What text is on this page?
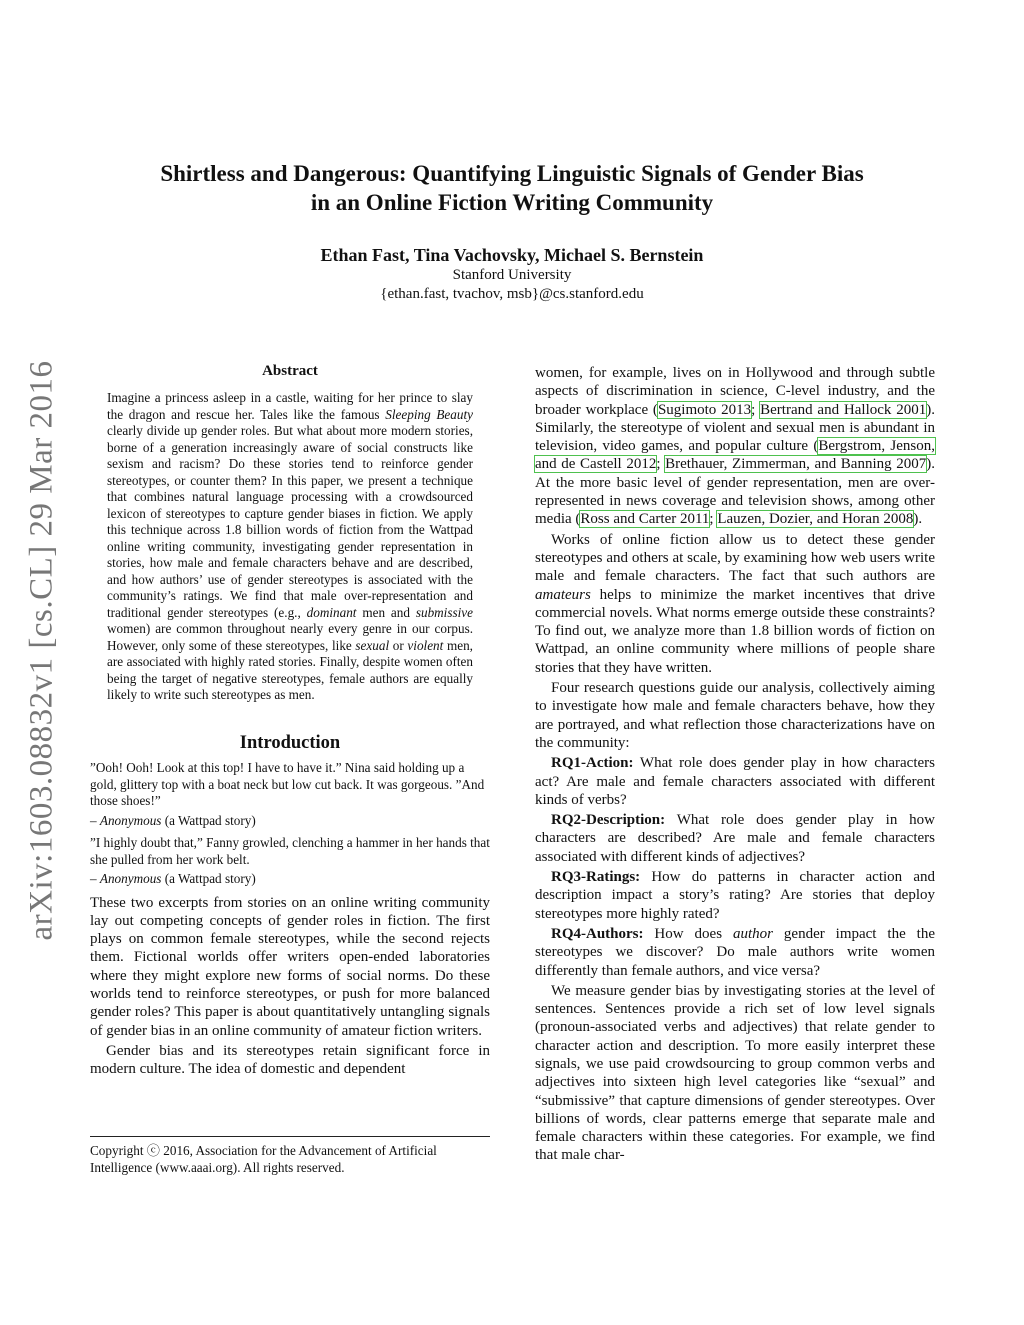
arXiv:1603.08832v1 [cs.CL] 29 Mar 2016
Shirtless and Dangerous: Quantifying Linguistic Signals of Gender Bias
in an Online Fiction Writing Community
Ethan Fast, Tina Vachovsky, Michael S. Bernstein
Stanford University
{ethan.fast, tvachov, msb}@cs.stanford.edu
Abstract

Imagine a princess asleep in a castle, waiting for her prince to slay the dragon and rescue her. Tales like the famous Sleeping Beauty clearly divide up gender roles. But what about more modern stories, borne of a generation increasingly aware of social constructs like sexism and racism? Do these stories tend to reinforce gender stereotypes, or counter them? In this paper, we present a technique that combines natural language processing with a crowdsourced lexicon of stereotypes to capture gender biases in fiction. We apply this technique across 1.8 billion words of fiction from the Wattpad online writing community, investigating gender representation in stories, how male and female characters behave and are described, and how authors’ use of gender stereotypes is associated with the community’s ratings. We find that male over-representation and traditional gender stereotypes (e.g., dominant men and submissive women) are common throughout nearly every genre in our corpus. However, only some of these stereotypes, like sexual or violent men, are associated with highly rated stories. Finally, despite women often being the target of negative stereotypes, female authors are equally likely to write such stereotypes as men.

Introduction

”Ooh! Ooh! Look at this top! I have to have it.” Nina said holding up a gold, glittery top with a boat neck but low cut back. It was gorgeous. ”And those shoes!”

– Anonymous (a Wattpad story)

”I highly doubt that,” Fanny growled, clenching a hammer in her hands that she pulled from her work belt.

– Anonymous (a Wattpad story)

These two excerpts from stories on an online writing community lay out competing concepts of gender roles in fiction. The first plays on common female stereotypes, while the second rejects them. Fictional worlds offer writers open-ended laboratories where they might explore new forms of social norms. Do these worlds tend to reinforce stereotypes, or push for more balanced gender roles? This paper is about quantitatively untangling signals of gender bias in an online community of amateur fiction writers.

Gender bias and its stereotypes retain significant force in modern culture. The idea of domestic and dependent

Copyright ⓒ 2016, Association for the Advancement of Artificial Intelligence (www.aaai.org). All rights reserved.

women, for example, lives on in Hollywood and through subtle aspects of discrimination in science, C-level industry, and the broader workplace (Sugimoto 2013; Bertrand and Hallock 2001). Similarly, the stereotype of violent and sexual men is abundant in television, video games, and popular culture (Bergstrom, Jenson, and de Castell 2012; Brethauer, Zimmerman, and Banning 2007). At the more basic level of gender representation, men are over-represented in news coverage and television shows, among other media (Ross and Carter 2011; Lauzen, Dozier, and Horan 2008).

Works of online fiction allow us to detect these gender stereotypes and others at scale, by examining how web users write male and female characters. The fact that such authors are amateurs helps to minimize the market incentives that drive commercial novels. What norms emerge outside these constraints? To find out, we analyze more than 1.8 billion words of fiction on Wattpad, an online community where millions of people share stories that they have written.

Four research questions guide our analysis, collectively aiming to investigate how male and female characters behave, how they are portrayed, and what reflection those characterizations have on the community:

RQ1-Action: What role does gender play in how characters act? Are male and female characters associated with different kinds of verbs?

RQ2-Description: What role does gender play in how characters are described? Are male and female characters associated with different kinds of adjectives?

RQ3-Ratings: How do patterns in character action and description impact a story’s rating? Are stories that deploy stereotypes more highly rated?

RQ4-Authors: How does author gender impact the the stereotypes we discover? Do male authors write women differently than female authors, and vice versa?

We measure gender bias by investigating stories at the level of sentences. Sentences provide a rich set of low level signals (pronoun-associated verbs and adjectives) that relate gender to character action and description. To more easily interpret these signals, we use paid crowdsourcing to group common verbs and adjectives into sixteen high level categories like “sexual” and “submissive” that capture dimensions of gender stereotypes. Over billions of words, clear patterns emerge that separate male and female characters within these categories. For example, we find that male char-
